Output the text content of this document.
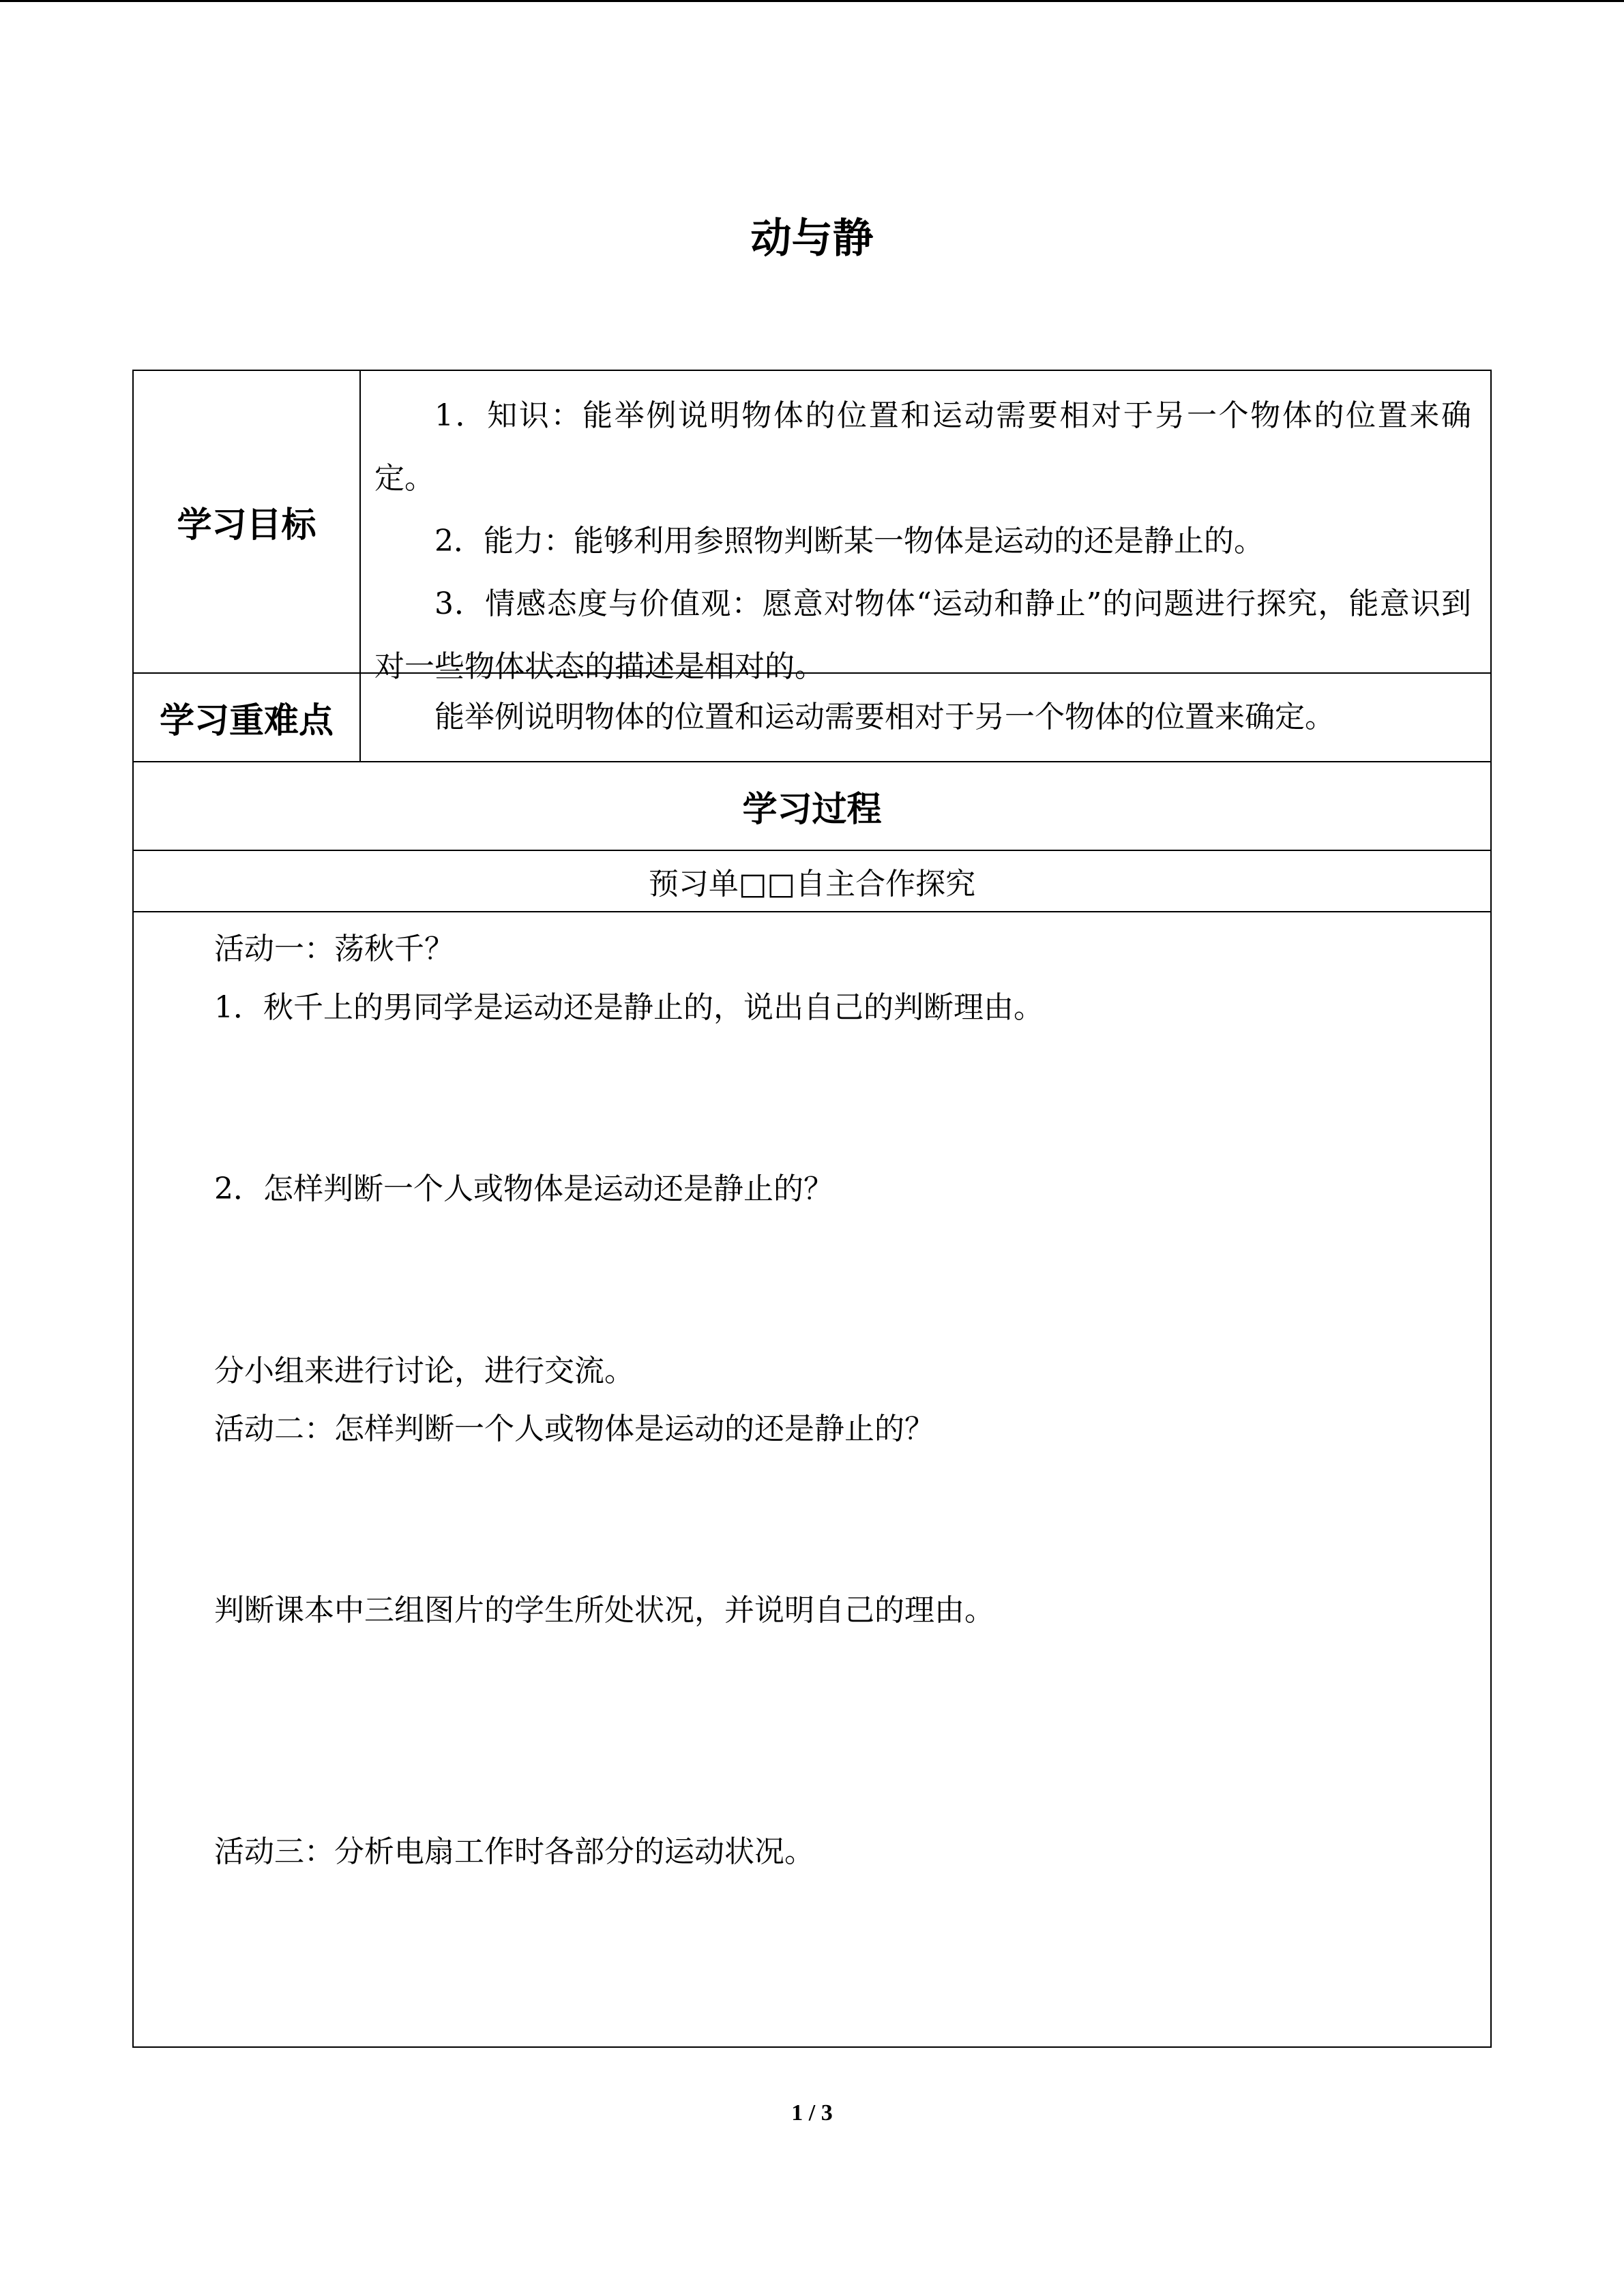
动与静
学习目标

1．知识：能举例说明物体的位置和运动需要相对于另一个物体的位置来确定。

2．能力：能够利用参照物判断某一物体是运动的还是静止的。

3．情感态度与价值观：愿意对物体“运动和静止”的问题进行探究，能意识到对一些物体状态的描述是相对的。

学习重难点	能举例说明物体的位置和运动需要相对于另一个物体的位置来确定。

学习过程
预习单□□自主合作探究
活动一：荡秋千？
1．秋千上的男同学是运动还是静止的，说出自己的判断理由。
2．怎样判断一个人或物体是运动还是静止的？
分小组来进行讨论，进行交流。
活动二：怎样判断一个人或物体是运动的还是静止的？
判断课本中三组图片的学生所处状况，并说明自己的理由。
活动三：分析电扇工作时各部分的运动状况。
1 / 3
